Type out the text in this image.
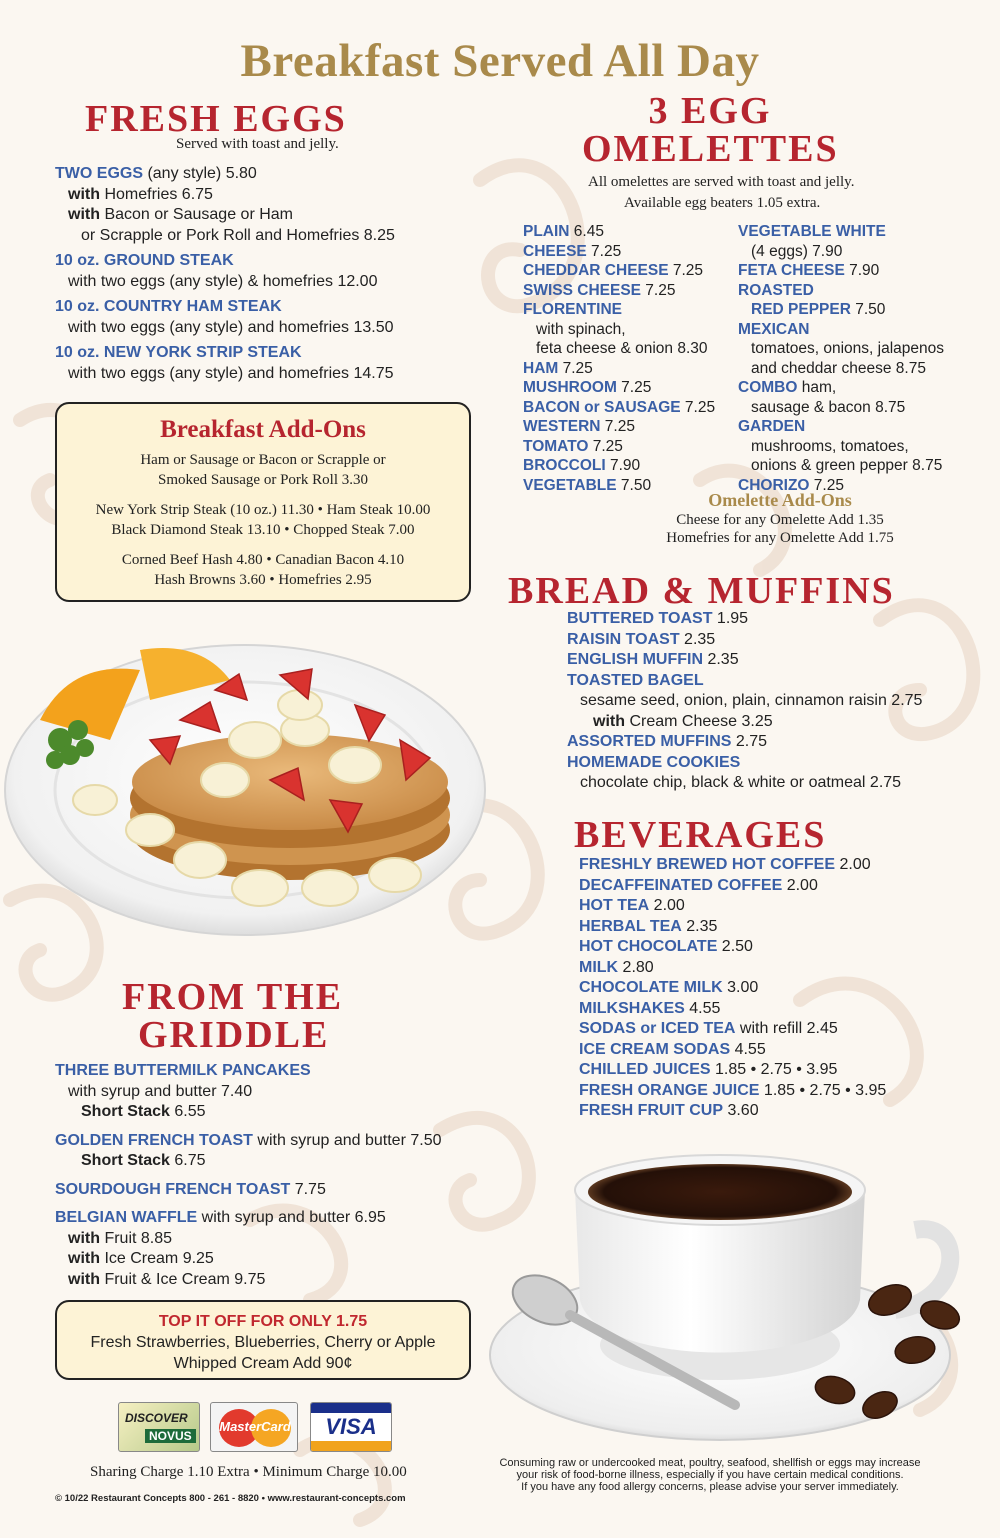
Breakfast Served All Day
FRESH EGGS
Served with toast and jelly.
TWO EGGS (any style) 5.80
with Homefries 6.75
with Bacon or Sausage or Ham
or Scrapple or Pork Roll and Homefries 8.25
10 oz. GROUND STEAK
with two eggs (any style) & homefries 12.00
10 oz. COUNTRY HAM STEAK
with two eggs (any style) and homefries 13.50
10 oz. NEW YORK STRIP STEAK
with two eggs (any style) and homefries 14.75
Breakfast Add-Ons

Ham or Sausage or Bacon or Scrapple or

Smoked Sausage or Pork Roll 3.30

New York Strip Steak (10 oz.) 11.30 • Ham Steak 10.00

Black Diamond Steak 13.10 • Chopped Steak 7.00

Corned Beef Hash 4.80 • Canadian Bacon 4.10

Hash Browns 3.60 • Homefries 2.95

3 EGG
OMELETTES
All omelettes are served with toast and jelly.
Available egg beaters 1.05 extra.
PLAIN 6.45
CHEESE 7.25
CHEDDAR CHEESE 7.25
SWISS CHEESE 7.25
FLORENTINE
with spinach,
feta cheese & onion 8.30
HAM 7.25
MUSHROOM 7.25
BACON or SAUSAGE 7.25
WESTERN 7.25
TOMATO 7.25
BROCCOLI 7.90
VEGETABLE 7.50
VEGETABLE WHITE
(4 eggs) 7.90
FETA CHEESE 7.90
ROASTED
RED PEPPER 7.50
MEXICAN
tomatoes, onions, jalapenos
and cheddar cheese 8.75
COMBO ham,
sausage & bacon 8.75
GARDEN
mushrooms, tomatoes,
onions & green pepper 8.75
CHORIZO 7.25
Omelette Add-Ons
Cheese for any Omelette Add 1.35
Homefries for any Omelette Add 1.75
FROM THE
GRIDDLE
THREE BUTTERMILK PANCAKES
with syrup and butter 7.40
Short Stack 6.55
GOLDEN FRENCH TOAST with syrup and butter 7.50
Short Stack 6.75
SOURDOUGH FRENCH TOAST 7.75
BELGIAN WAFFLE with syrup and butter 6.95
with Fruit 8.85
with Ice Cream 9.25
with Fruit & Ice Cream 9.75
TOP IT OFF FOR ONLY 1.75
Fresh Strawberries, Blueberries, Cherry or Apple
Whipped Cream Add 90¢
DISCOVER
NOVUS
MasterCard	VISA
Sharing Charge 1.10 Extra • Minimum Charge 10.00
© 10/22 Restaurant Concepts 800 - 261 - 8820 • www.restaurant-concepts.com
BREAD & MUFFINS
BUTTERED TOAST 1.95
RAISIN TOAST 2.35
ENGLISH MUFFIN 2.35
TOASTED BAGEL
sesame seed, onion, plain, cinnamon raisin 2.75
with Cream Cheese 3.25
ASSORTED MUFFINS 2.75
HOMEMADE COOKIES
chocolate chip, black & white or oatmeal 2.75
BEVERAGES
FRESHLY BREWED HOT COFFEE 2.00
DECAFFEINATED COFFEE 2.00
HOT TEA 2.00
HERBAL TEA 2.35
HOT CHOCOLATE 2.50
MILK 2.80
CHOCOLATE MILK 3.00
MILKSHAKES 4.55
SODAS or ICED TEA with refill 2.45
ICE CREAM SODAS 4.55
CHILLED JUICES 1.85 • 2.75 • 3.95
FRESH ORANGE JUICE 1.85 • 2.75 • 3.95
FRESH FRUIT CUP 3.60
Consuming raw or undercooked meat, poultry, seafood, shellfish or eggs may increase
your risk of food-borne illness, especially if you have certain medical conditions.
If you have any food allergy concerns, please advise your server immediately.
